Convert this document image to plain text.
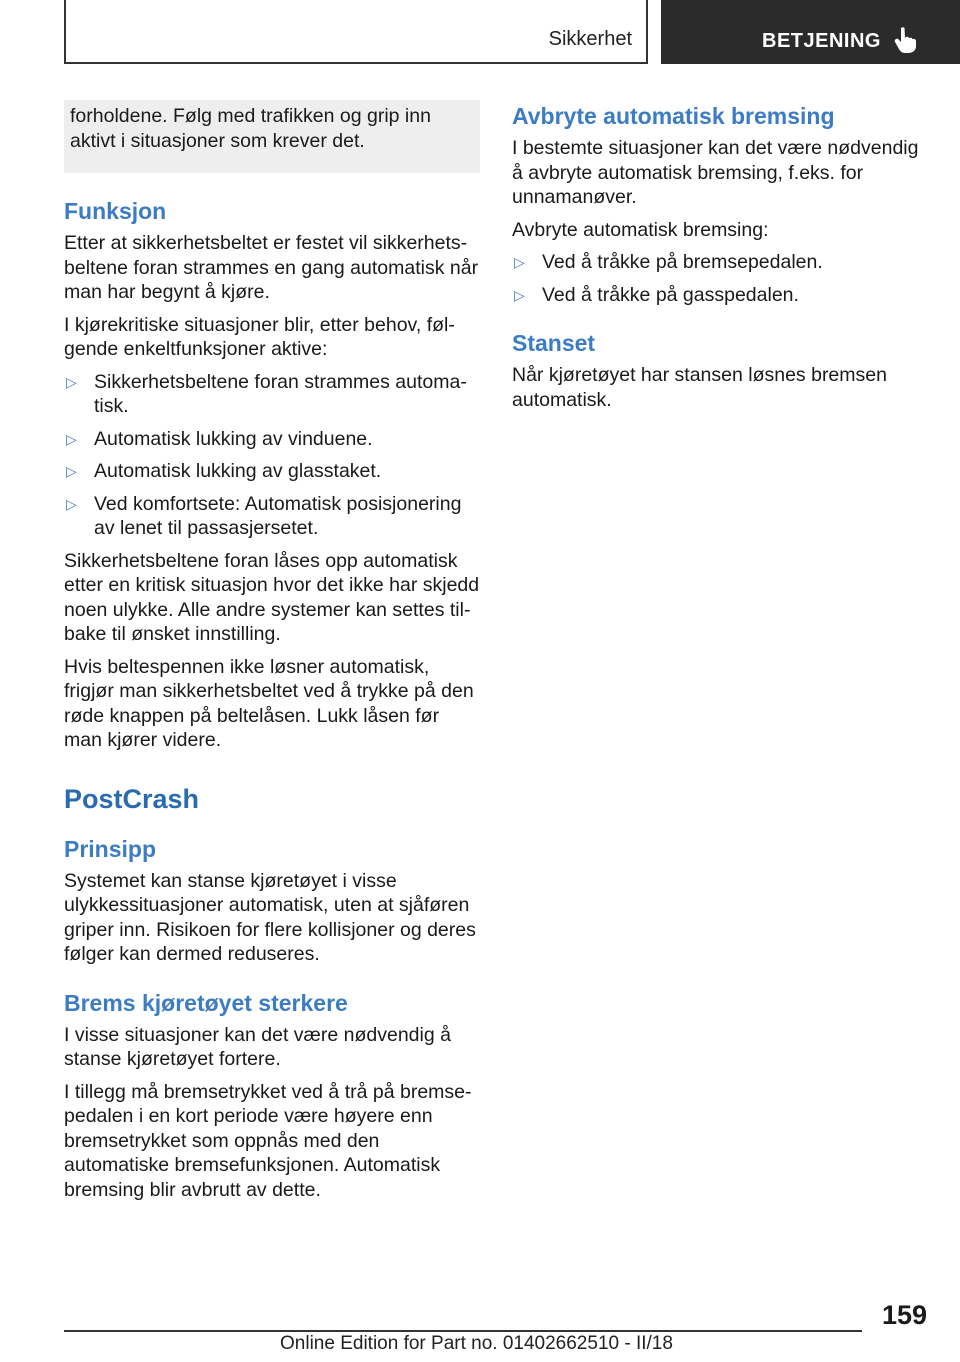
Sikkerhet	BETJENING

forholdene. Følg med trafikken og grip inn aktivt i situasjoner som krever det.

Funksjon

Etter at sikkerhetsbeltet er festet vil sikkerhetsbeltene foran strammes en gang automatisk når man har begynt å kjøre.

I kjørekritiske situasjoner blir, etter behov, følgende enkeltfunksjoner aktive:

▷ Sikkerhetsbeltene foran strammes automatisk.
▷ Automatisk lukking av vinduene.
▷ Automatisk lukking av glasstaket.
▷ Ved komfortsete: Automatisk posisjonering av lenet til passasjersetet.

Sikkerhetsbeltene foran låses opp automatisk etter en kritisk situasjon hvor det ikke har skjedd noen ulykke. Alle andre systemer kan settes tilbake til ønsket innstilling.

Hvis beltespennen ikke løsner automatisk, frigjør man sikkerhetsbeltet ved å trykke på den røde knappen på beltelåsen. Lukk låsen før man kjører videre.

PostCrash
Prinsipp

Systemet kan stanse kjøretøyet i visse ulykkessituasjoner automatisk, uten at sjåføren griper inn. Risikoen for flere kollisjoner og deres følger kan dermed reduseres.

Brems kjøretøyet sterkere

I visse situasjoner kan det være nødvendig å stanse kjøretøyet fortere.

I tillegg må bremsetrykket ved å trå på bremsepedalen i en kort periode være høyere enn bremsetrykket som oppnås med den automatiske bremsefunksjonen. Automatisk bremsing blir avbrutt av dette.

Avbryte automatisk bremsing

I bestemte situasjoner kan det være nødvendig å avbryte automatisk bremsing, f.eks. for unnamanøver.

Avbryte automatisk bremsing:

▷ Ved å tråkke på bremsepedalen.
▷ Ved å tråkke på gasspedalen.
Stanset

Når kjøretøyet har stansen løsnes bremsen automatisk.

159
Online Edition for Part no. 01402662510 - II/18
